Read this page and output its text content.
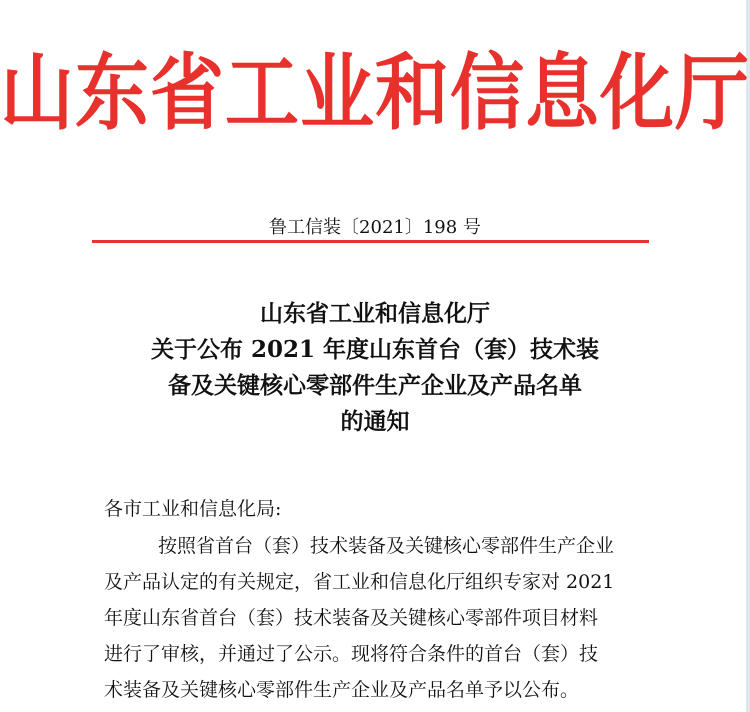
山东省工业和信息化厅
鲁工信装〔2021〕198 号
山东省工业和信息化厅
关于公布 2021 年度山东首台（套）技术装
备及关键核心零部件生产企业及产品名单
的通知
各市工业和信息化局:
按照省首台（套）技术装备及关键核心零部件生产企业
及产品认定的有关规定，省工业和信息化厅组织专家对 2021
年度山东省首台（套）技术装备及关键核心零部件项目材料
进行了审核，并通过了公示。现将符合条件的首台（套）技
术装备及关键核心零部件生产企业及产品名单予以公布。
